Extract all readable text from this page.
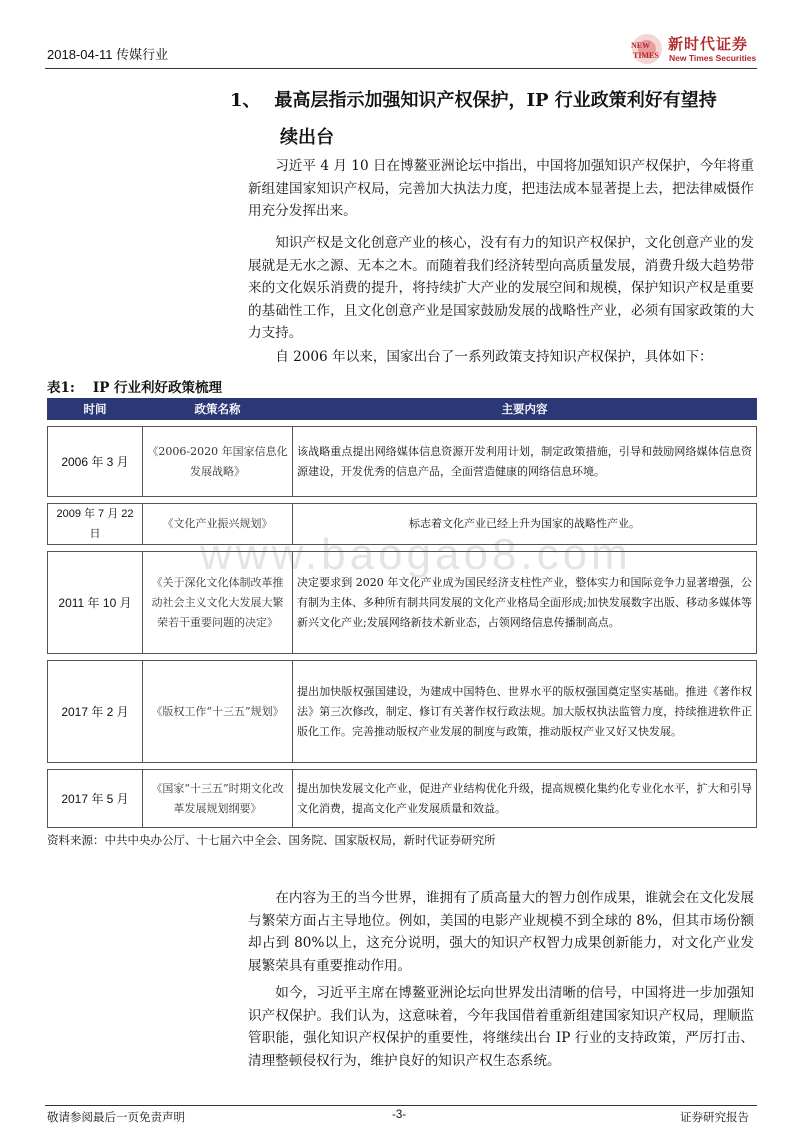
2018-04-11 传媒行业
NEW
TIMES
新时代证券
New Times Securities
1、 最高层指示加强知识产权保护，IP 行业政策利好有望持
续出台

习近平 4 月 10 日在博鳌亚洲论坛中指出，中国将加强知识产权保护，今年将重新组建国家知识产权局，完善加大执法力度，把违法成本显著提上去，把法律威慑作用充分发挥出来。

知识产权是文化创意产业的核心，没有有力的知识产权保护，文化创意产业的发展就是无水之源、无本之木。而随着我们经济转型向高质量发展，消费升级大趋势带来的文化娱乐消费的提升，将持续扩大产业的发展空间和规模，保护知识产权是重要的基础性工作，且文化创意产业是国家鼓励发展的战略性产业，必须有国家政策的大力支持。

自 2006 年以来，国家出台了一系列政策支持知识产权保护，具体如下：

表1: IP 行业利好政策梳理
www.baogao8.com
时间	政策名称	主要内容

2006 年 3 月	《2006-2020 年国家信息化发展战略》	该战略重点提出网络媒体信息资源开发利用计划，制定政策措施，引导和鼓励网络媒体信息资源建设，开发优秀的信息产品，全面营造健康的网络信息环境。

2009 年 7 月 22 日	《文化产业振兴规划》	标志着文化产业已经上升为国家的战略性产业。

2011 年 10 月	《关于深化文化体制改革推动社会主义文化大发展大繁荣若干重要问题的决定》	决定要求到 2020 年文化产业成为国民经济支柱性产业，整体实力和国际竞争力显著增强，公有制为主体、多种所有制共同发展的文化产业格局全面形成;加快发展数字出版、移动多媒体等新兴文化产业;发展网络新技术新业态，占领网络信息传播制高点。

2017 年 2 月	《版权工作“十三五”规划》	提出加快版权强国建设，为建成中国特色、世界水平的版权强国奠定坚实基础。推进《著作权法》第三次修改，制定、修订有关著作权行政法规。加大版权执法监管力度，持续推进软件正版化工作。完善推动版权产业发展的制度与政策，推动版权产业又好又快发展。

2017 年 5 月	《国家“十三五”时期文化改革发展规划纲要》	提出加快发展文化产业，促进产业结构优化升级，提高规模化集约化专业化水平，扩大和引导文化消费，提高文化产业发展质量和效益。
资料来源：中共中央办公厅、十七届六中全会、国务院、国家版权局，新时代证券研究所

在内容为王的当今世界，谁拥有了质高量大的智力创作成果，谁就会在文化发展与繁荣方面占主导地位。例如，美国的电影产业规模不到全球的 8%，但其市场份额却占到 80%以上，这充分说明，强大的知识产权智力成果创新能力，对文化产业发展繁荣具有重要推动作用。

如今，习近平主席在博鳌亚洲论坛向世界发出清晰的信号，中国将进一步加强知识产权保护。我们认为，这意味着，今年我国借着重新组建国家知识产权局，理顺监管职能，强化知识产权保护的重要性，将继续出台 IP 行业的支持政策，严厉打击、清理整顿侵权行为，维护良好的知识产权生态系统。

敬请参阅最后一页免责声明	-3-	证券研究报告
